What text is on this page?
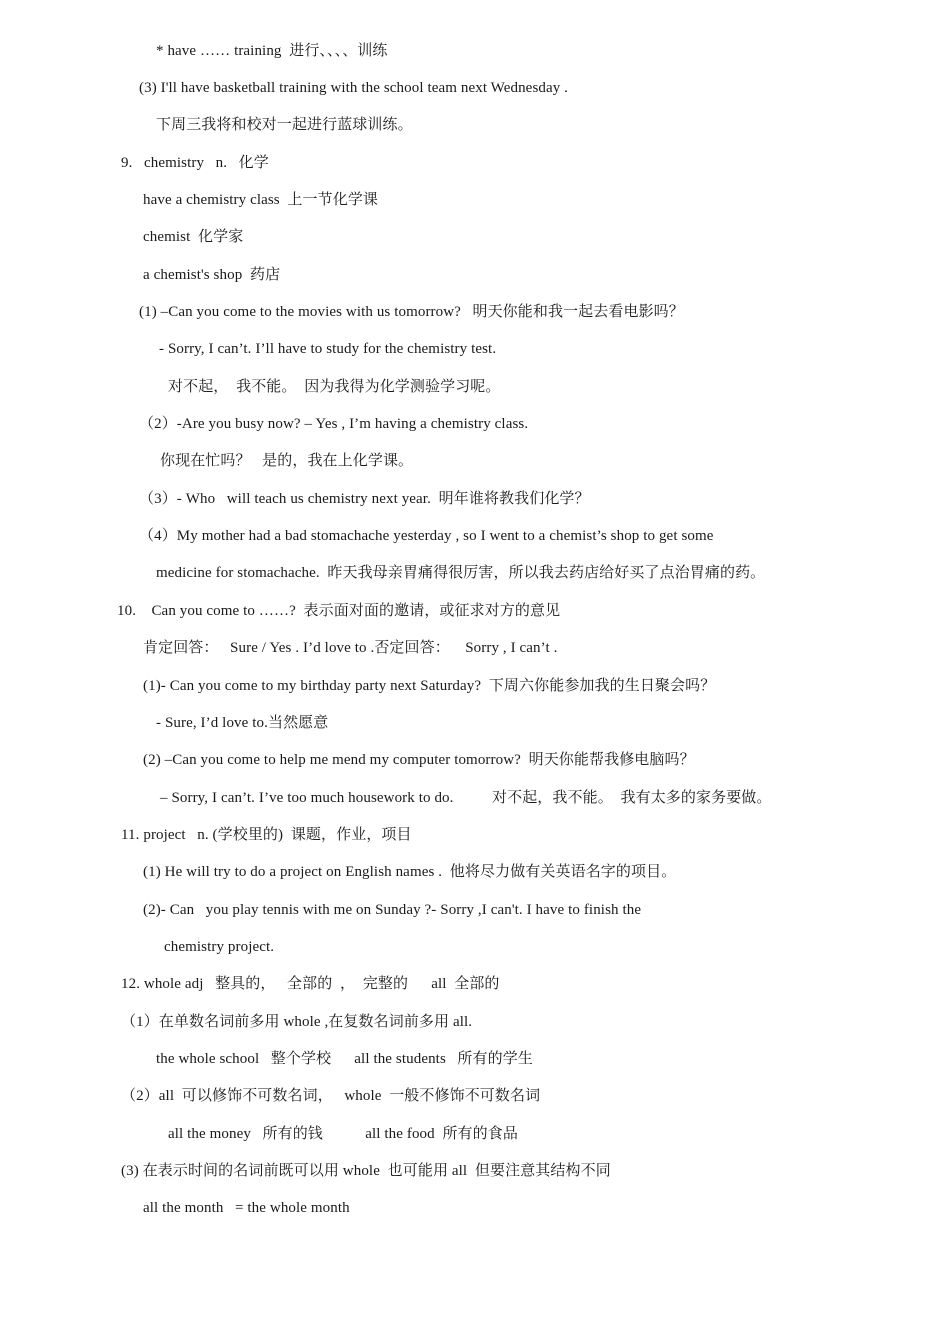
* have …… training  进行、、、、训练
(3) I'll have basketball training with the school team next Wednesday .
下周三我将和校对一起进行蓝球训练。
9.   chemistry   n.   化学
have a chemistry class  上一节化学课
chemist  化学家
a chemist's shop  药店
(1) –Can you come to the movies with us tomorrow?   明天你能和我一起去看电影吗？
- Sorry, I can’t. I’ll have to study for the chemistry test.
对不起，  我不能。  因为我得为化学测验学习呢。
（2）-Are you busy now? – Yes , I’m having a chemistry class.
你现在忙吗？   是的，我在上化学课。
（3）- Who   will teach us chemistry next year.  明年谁将教我们化学？
（4）My mother had a bad stomachache yesterday , so I went to a chemist’s shop to get some
medicine for stomachache.  昨天我母亲胃痛得很厉害，所以我去药店给好买了点治胃痛的药。
10.    Can you come to ……?  表示面对面的邀请，或征求对方的意见
肯定回答：   Sure / Yes . I’d love to .否定回答：    Sorry , I can’t .
(1)- Can you come to my birthday party next Saturday?  下周六你能参加我的生日聚会吗？
- Sure, I’d love to.当然愿意
(2) –Can you come to help me mend my computer tomorrow?  明天你能帮我修电脑吗？
– Sorry, I can’t. I’ve too much housework to do.          对不起，我不能。  我有太多的家务要做。
11. project   n. (学校里的)  课题，作业，项目
(1) He will try to do a project on English names .  他将尽力做有关英语名字的项目。
(2)- Can   you play tennis with me on Sunday ?- Sorry ,I can't. I have to finish the
chemistry project.
12. whole adj   整具的，   全部的  ，  完整的      all  全部的
（1）在单数名词前多用 whole ,在复数名词前多用 all.
the whole school   整个学校      all the students   所有的学生
（2）all  可以修饰不可数名词，   whole  一般不修饰不可数名词
all the money   所有的钱           all the food  所有的食品
(3) 在表示时间的名词前既可以用 whole  也可能用 all  但要注意其结构不同
all the month   = the whole month
